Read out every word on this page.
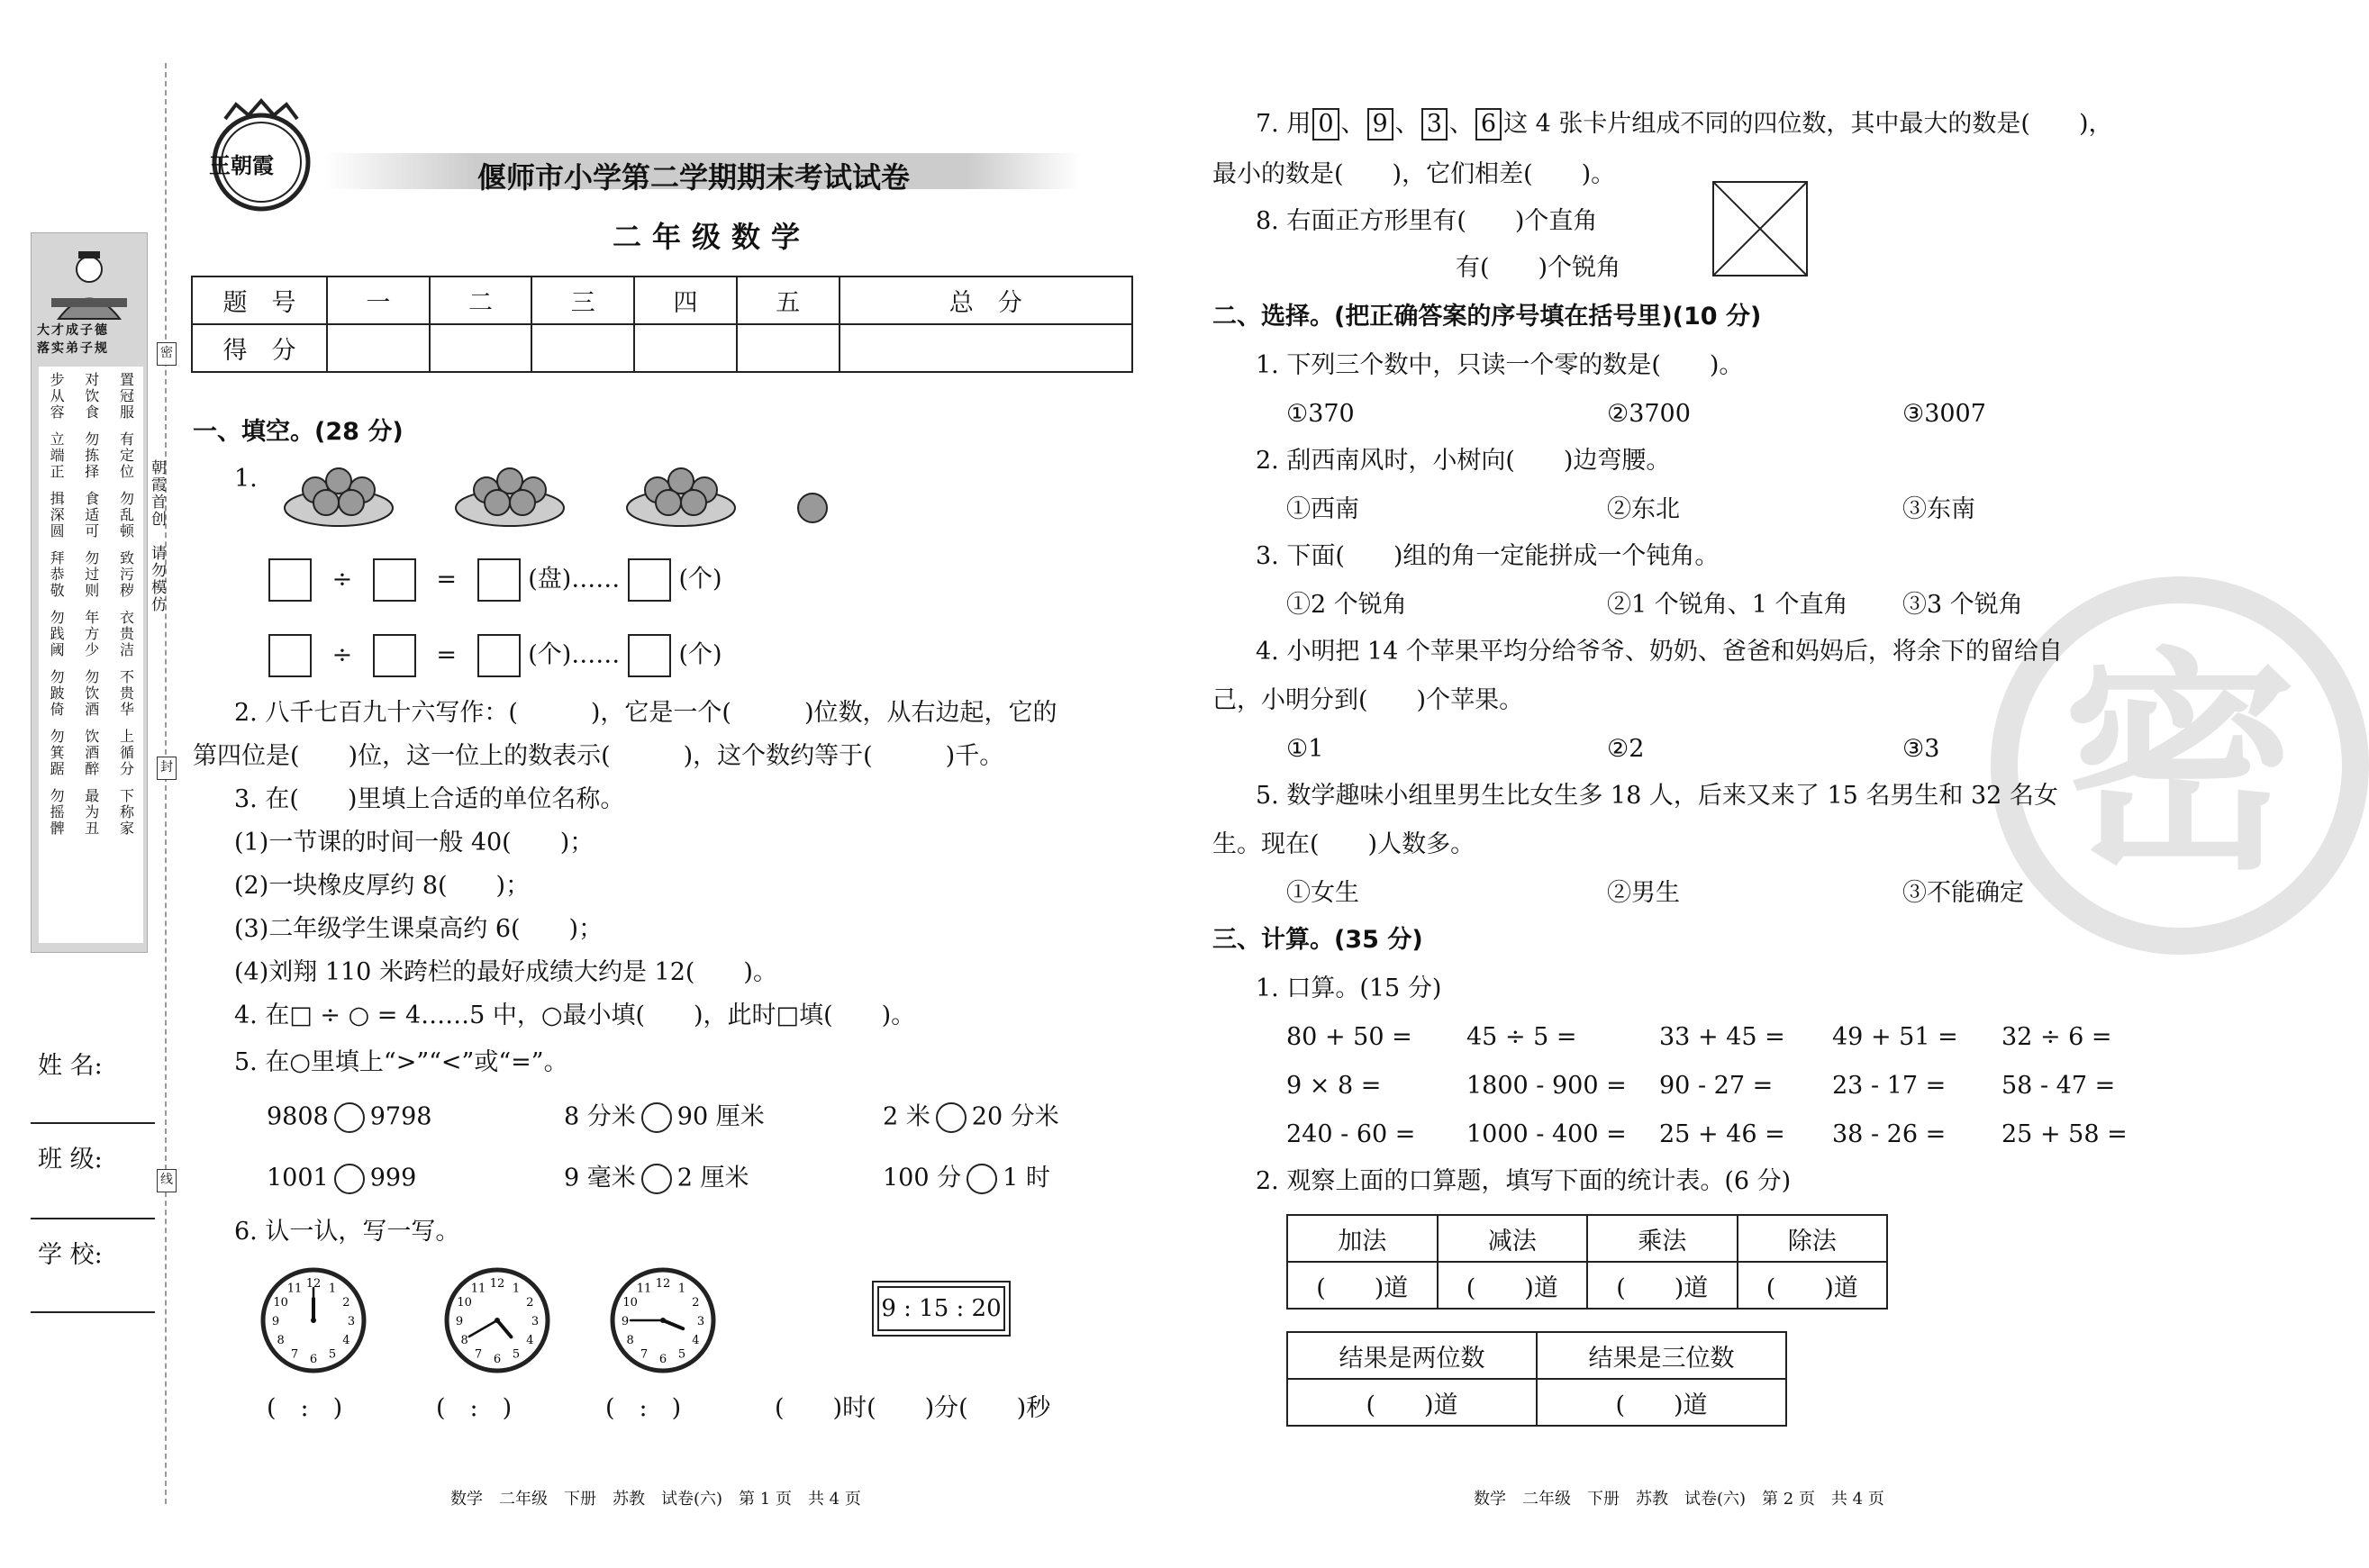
大才成子德
落实弟子规
步从容 对饮食 置冠服
立端正 勿拣择 有定位
揖深圆 食适可 勿乱顿
拜恭敬 勿过则 致污秽
勿践阈 年方少 衣贵洁
勿跛倚 勿饮酒 不贵华
勿箕踞 饮酒醉 上循分
勿摇髀 最为丑 下称家
朝霞首创　请勿模仿
密
封
线
姓 名:
班 级:
学 校:
王朝霞	偃师市小学第二学期期末考试试卷
二年级数学
题　号	一	二	三	四	五	总　分
得　分						
一、填空。(28 分)
1.
÷	=	(盘)…… (个)
÷	=	(个)…… (个)
2. 八千七百九十六写作：(　　　)，它是一个(　　　)位数，从右边起，它的
第四位是(　　)位，这一位上的数表示(　　　)，这个数约等于(　　　)千。
3. 在(　　)里填上合适的单位名称。
(1)一节课的时间一般 40(　　)；
(2)一块橡皮厚约 8(　　)；
(3)二年级学生课桌高约 6(　　)；
(4)刘翔 110 米跨栏的最好成绩大约是 12(　　)。
4. 在□ ÷ ○ = 4……5 中，○最小填(　　)，此时□填(　　)。
5. 在○里填上“>”“<”或“=”。
9808 9798	8 分米 90 厘米	2 米 20 分米
1001 999	9 毫米 2 厘米	100 分 1 时
6. 认一认，写一写。
1
2
3
4
5
6
7
8
9
10
11 12	1
2
3
4
5
6
7
8
9
10
11 12	1
2
3
4
5
6
7
8
9
10
11 12
9 : 15 : 20
(　:　)	(　:　)	(　:　)	(　　)时(　　)分(　　)秒
数学　二年级　下册　苏教　试卷(六)　第 1 页　共 4 页
密
7. 用 0 、 9 、 3 、 6 这 4 张卡片组成不同的四位数，其中最大的数是(　　)，
最小的数是(　　)，它们相差(　　)。
8. 右面正方形里有(　　)个直角
有(　　)个锐角
二、选择。(把正确答案的序号填在括号里)(10 分)
1. 下列三个数中，只读一个零的数是(　　)。
①370	②3700	③3007
2. 刮西南风时，小树向(　　)边弯腰。
①西南	②东北	③东南
3. 下面(　　)组的角一定能拼成一个钝角。
①2 个锐角	②1 个锐角、1 个直角 ③3 个锐角
4. 小明把 14 个苹果平均分给爷爷、奶奶、爸爸和妈妈后，将余下的留给自
己，小明分到(　　)个苹果。
①1	②2	③3
5. 数学趣味小组里男生比女生多 18 人，后来又来了 15 名男生和 32 名女
生。现在(　　)人数多。
①女生	②男生	③不能确定
三、计算。(35 分)
1. 口算。(15 分)
80 + 50 = 45 ÷ 5 =	33 + 45 = 49 + 51 = 32 ÷ 6 =
9 × 8 =	1800 - 900 = 90 - 27 = 23 - 17 = 58 - 47 =
240 - 60 = 1000 - 400 = 25 + 46 = 38 - 26 = 25 + 58 =
2. 观察上面的口算题，填写下面的统计表。(6 分)
加法	减法	乘法	除法
(　　)道	(　　)道	(　　)道	(　　)道
结果是两位数	结果是三位数
(　　)道	(　　)道
数学　二年级　下册　苏教　试卷(六)　第 2 页　共 4 页
